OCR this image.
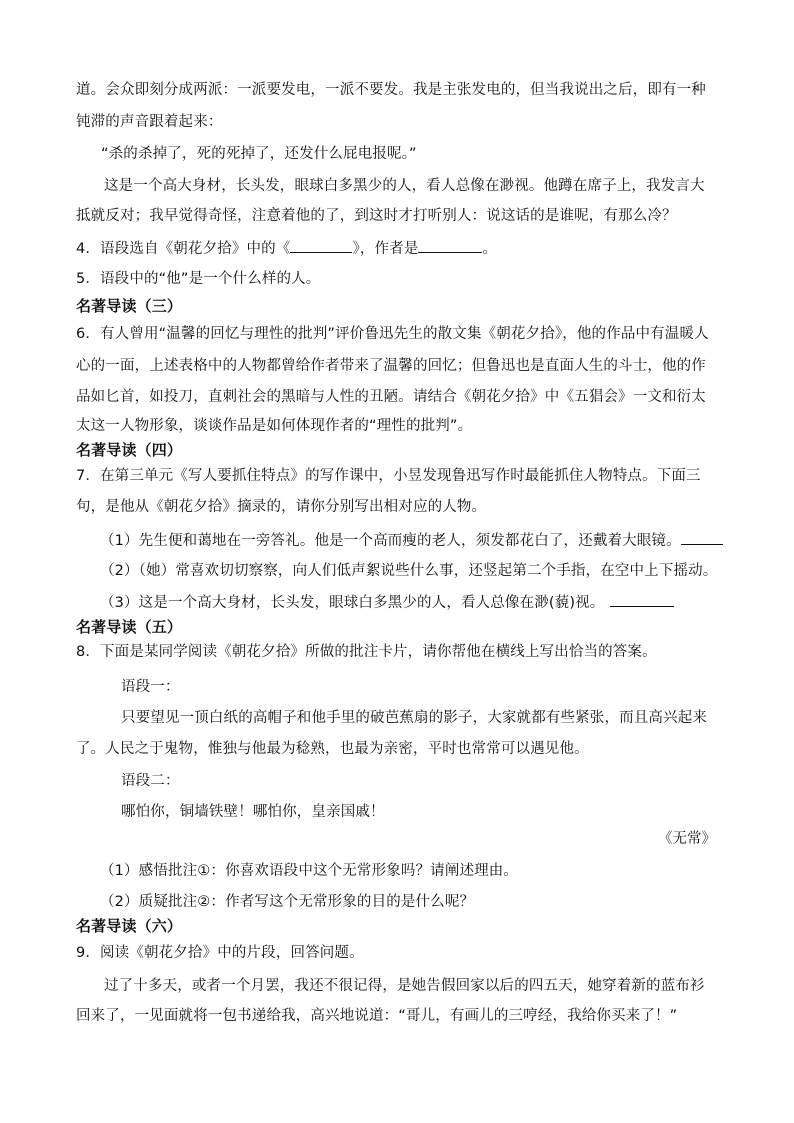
道。会众即刻分成两派：一派要发电，一派不要发。我是主张发电的，但当我说出之后，即有一种
钝滞的声音跟着起来：
“杀的杀掉了，死的死掉了，还发什么屁电报呢。”
这是一个高大身材，长头发，眼球白多黑少的人，看人总像在渺视。他蹲在席子上，我发言大
抵就反对；我早觉得奇怪，注意着他的了，到这时才打听别人：说这话的是谁呢，有那么冷？
4．语段选自《朝花夕拾》中的《	》，作者是	。
5．语段中的“他”是一个什么样的人。
名著导读（三）
6．有人曾用“温馨的回忆与理性的批判”评价鲁迅先生的散文集《朝花夕拾》，他的作品中有温暖人
心的一面，上述表格中的人物都曾给作者带来了温馨的回忆；但鲁迅也是直面人生的斗士，他的作
品如匕首，如投刀，直刺社会的黑暗与人性的丑陋。请结合《朝花夕拾》中《五猖会》一文和衍太
太这一人物形象，谈谈作品是如何体现作者的“理性的批判”。
名著导读（四）
7．在第三单元《写人要抓住特点》的写作课中，小昱发现鲁迅写作时最能抓住人物特点。下面三
句，是他从《朝花夕拾》摘录的，请你分别写出相对应的人物。
（1）先生便和蔼地在一旁答礼。他是一个高而瘦的老人，须发都花白了，还戴着大眼镜。
（2）（她）常喜欢切切察察，向人们低声絮说些什么事，还竖起第二个手指，在空中上下摇动。
（3）这是一个高大身材，长头发，眼球白多黑少的人，看人总像在渺(藐)视。
名著导读（五）
8．下面是某同学阅读《朝花夕拾》所做的批注卡片，请你帮他在横线上写出恰当的答案。
语段一：
只要望见一顶白纸的高帽子和他手里的破芭蕉扇的影子，大家就都有些紧张，而且高兴起来
了。人民之于鬼物，惟独与他最为稔熟，也最为亲密，平时也常常可以遇见他。
语段二：
哪怕你，铜墙铁壁！哪怕你，皇亲国戚！
《无常》
（1）感悟批注①：你喜欢语段中这个无常形象吗？请阐述理由。
（2）质疑批注②：作者写这个无常形象的目的是什么呢？
名著导读（六）
9．阅读《朝花夕拾》中的片段，回答问题。
过了十多天，或者一个月罢，我还不很记得，是她告假回家以后的四五天，她穿着新的蓝布衫
回来了，一见面就将一包书递给我，高兴地说道：“哥儿，有画儿的三哼经，我给你买来了！”
